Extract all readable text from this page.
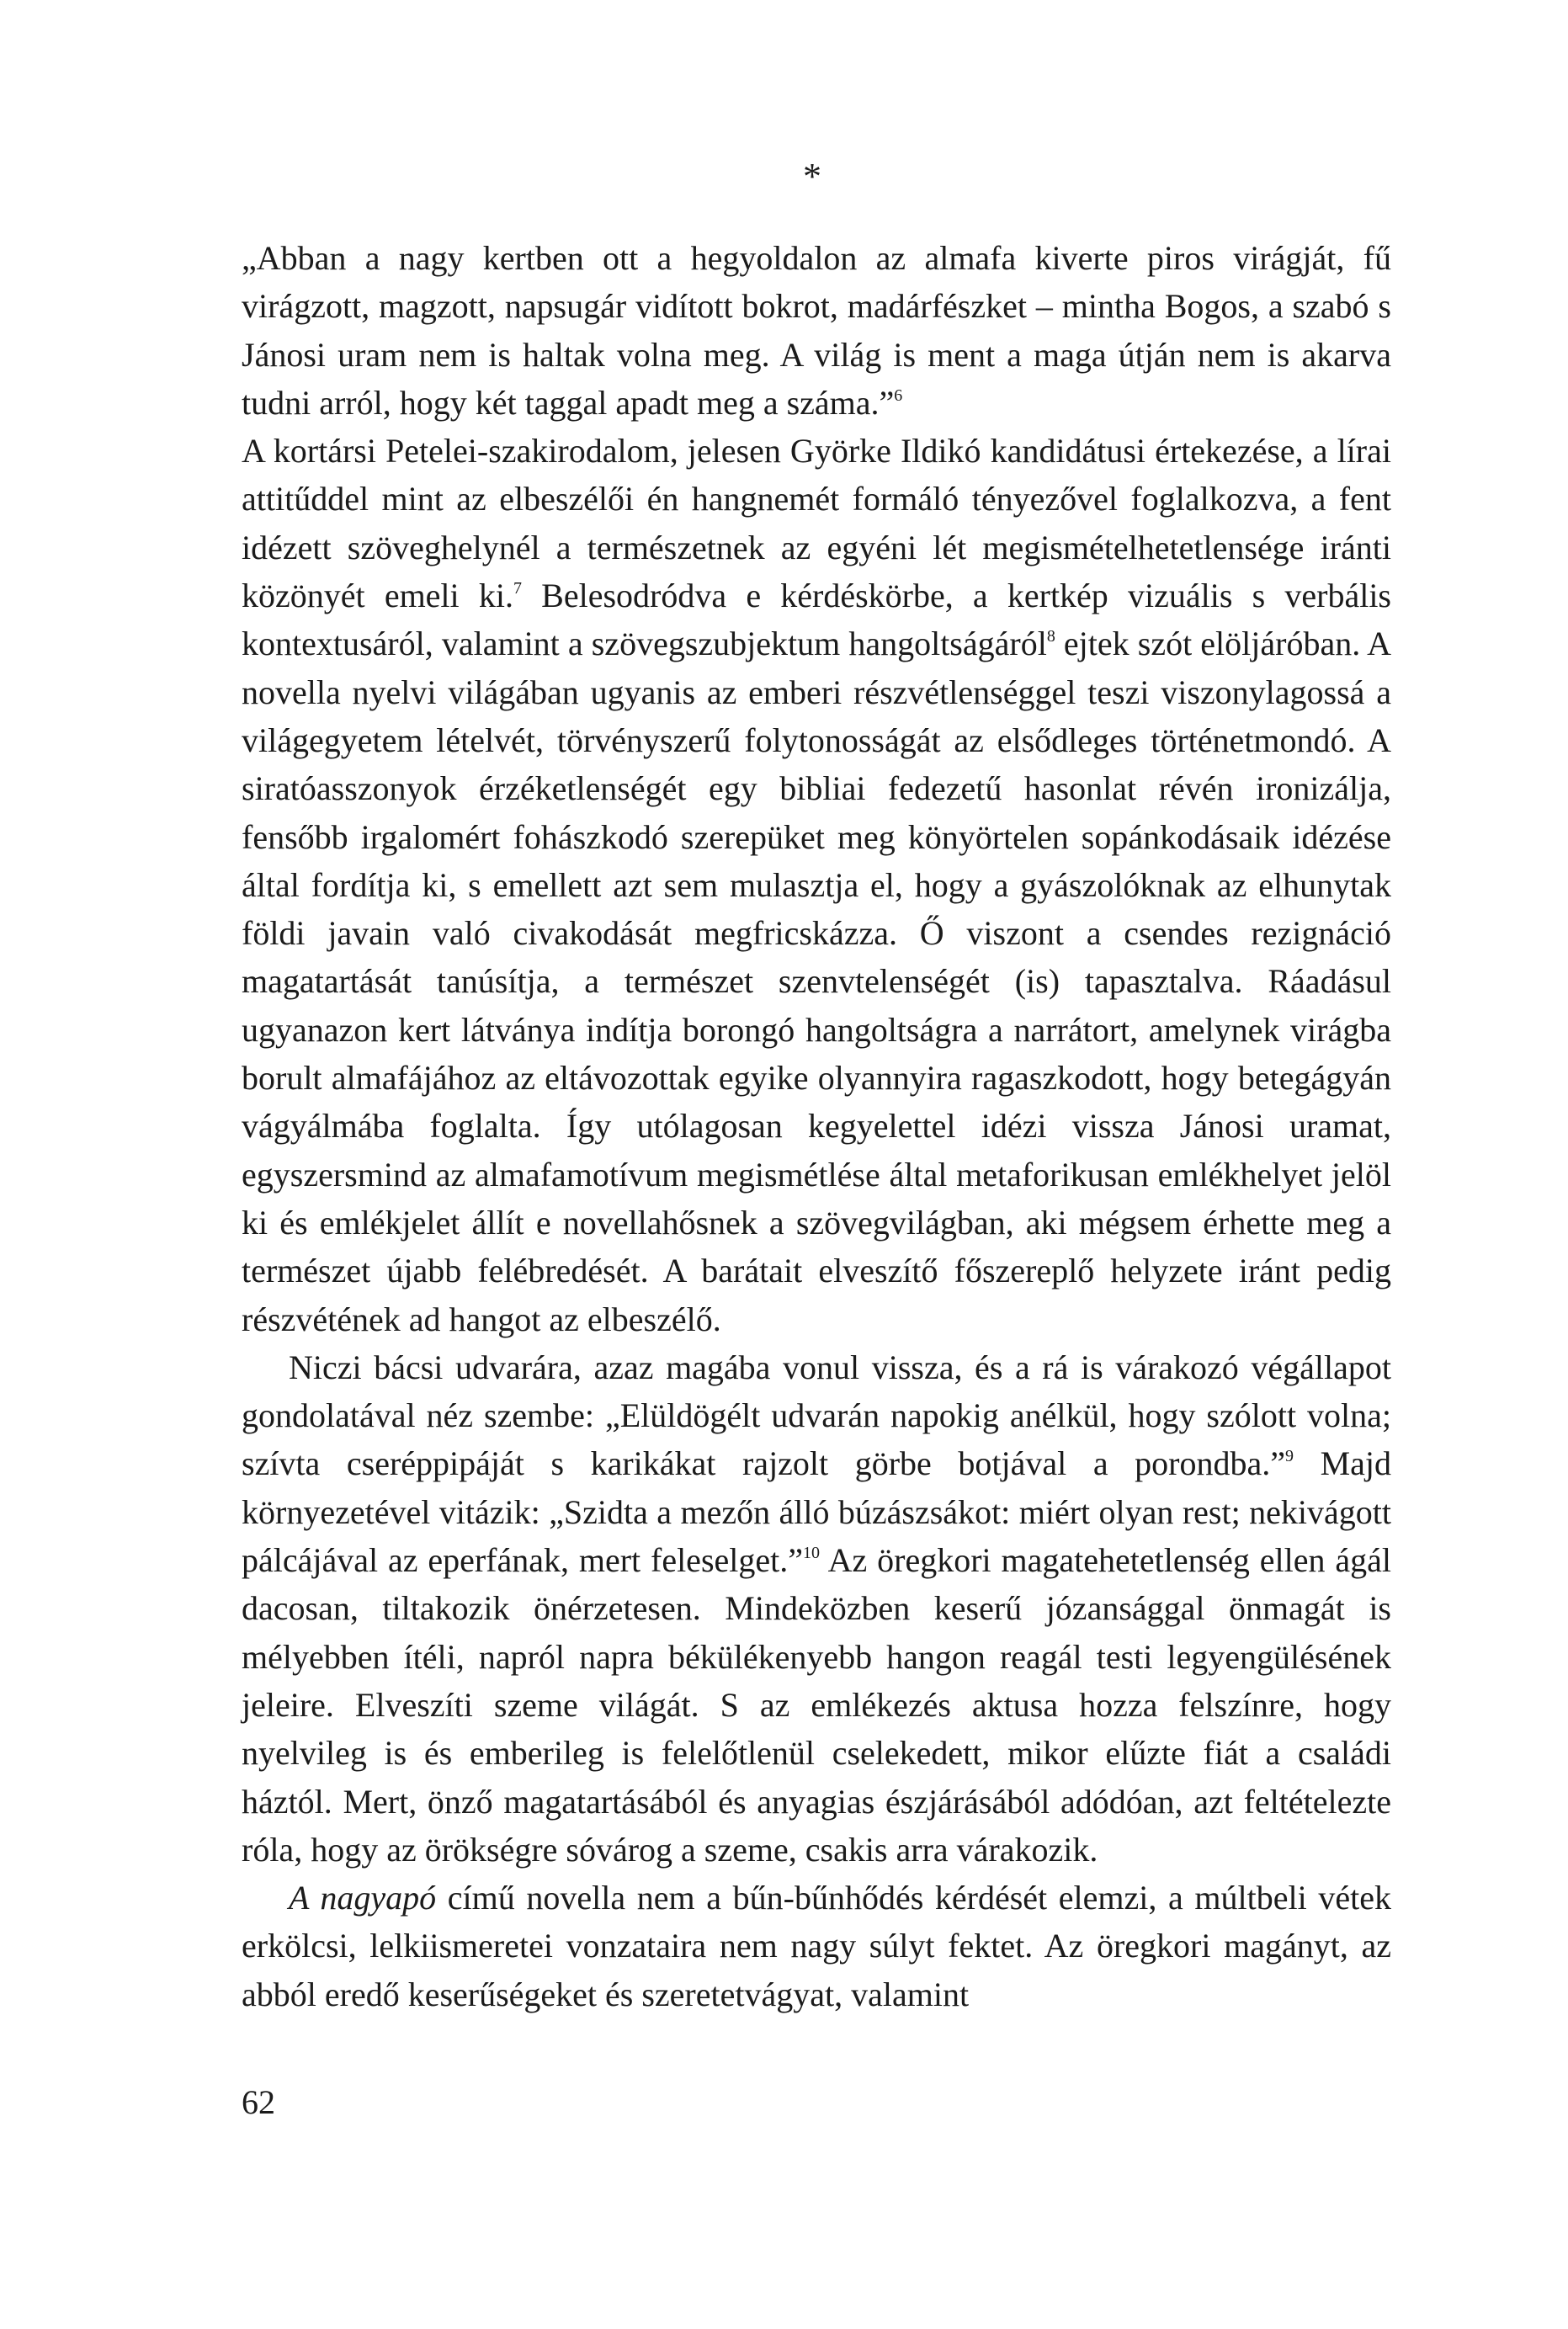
*

„Abban a nagy kertben ott a hegyoldalon az almafa kiverte piros virágját, fű virágzott, magzott, napsugár vidított bokrot, madárfészket – mintha Bogos, a szabó s Jánosi uram nem is haltak volna meg. A világ is ment a maga útján nem is akarva tudni arról, hogy két taggal apadt meg a száma.”$^6$

A kortársi Petelei-szakirodalom, jelesen Györke Ildikó kandidátusi értekezése, a lírai attitűddel mint az elbeszélői én hangnemét formáló tényezővel foglalkozva, a fent idézett szöveghelynél a természetnek az egyéni lét megismételhetetlensége iránti közönyét emeli ki.$^7$ Belesodródva e kérdéskörbe, a kertkép vizuális s verbális kontextusáról, valamint a szövegszubjektum hangoltságáról$^8$ ejtek szót elöljáróban. A novella nyelvi világában ugyanis az emberi részvétlenséggel teszi viszonylagossá a világegyetem lételvét, törvényszerű folytonosságát az elsődleges történetmondó. A siratóasszonyok érzéketlenségét egy bibliai fedezetű hasonlat révén ironizálja, fensőbb irgalomért fohászkodó szerepüket meg könyörtelen sopánkodásaik idézése által fordítja ki, s emellett azt sem mulasztja el, hogy a gyászolóknak az elhunytak földi javain való civakodását megfricskázza. Ő viszont a csendes rezignáció magatartását tanúsítja, a természet szenvtelenségét (is) tapasztalva. Ráadásul ugyanazon kert látványa indítja borongó hangoltságra a narrátort, amelynek virágba borult almafájához az eltávozottak egyike olyannyira ragaszkodott, hogy betegágyán vágyálmába foglalta. Így utólagosan kegyelettel idézi vissza Jánosi uramat, egyszersmind az almafamotívum megismétlése által metaforikusan emlékhelyet jelöl ki és emlékjelet állít e novellahősnek a szövegvilágban, aki mégsem érhette meg a természet újabb felébredését. A barátait elveszítő főszereplő helyzete iránt pedig részvétének ad hangot az elbeszélő.

Niczi bácsi udvarára, azaz magába vonul vissza, és a rá is várakozó végállapot gondolatával néz szembe: „Elüldögélt udvarán napokig anélkül, hogy szólott volna; szívta cseréppipáját s karikákat rajzolt görbe botjával a porondba.”$^9$ Majd környezetével vitázik: „Szidta a mezőn álló búzászsákot: miért olyan rest; nekivágott pálcájával az eperfának, mert feleselget.”$^{10}$ Az öregkori magatehetetlenség ellen ágál dacosan, tiltakozik önérzetesen. Mindeközben keserű józansággal önmagát is mélyebben ítéli, napról napra békülékenyebb hangon reagál testi legyengülésének jeleire. Elveszíti szeme világát. S az emlékezés aktusa hozza felszínre, hogy nyelvileg is és emberileg is felelőtlenül cselekedett, mikor elűzte fiát a családi háztól. Mert, önző magatartásából és anyagias észjárásából adódóan, azt feltételezte róla, hogy az örökségre sóvárog a szeme, csakis arra várakozik.

A nagyapó című novella nem a bűn-bűnhődés kérdését elemzi, a múltbeli vétek erkölcsi, lelkiismeretei vonzataira nem nagy súlyt fektet. Az öregkori magányt, az abból eredő keserűségeket és szeretetvágyat, valamint

62
